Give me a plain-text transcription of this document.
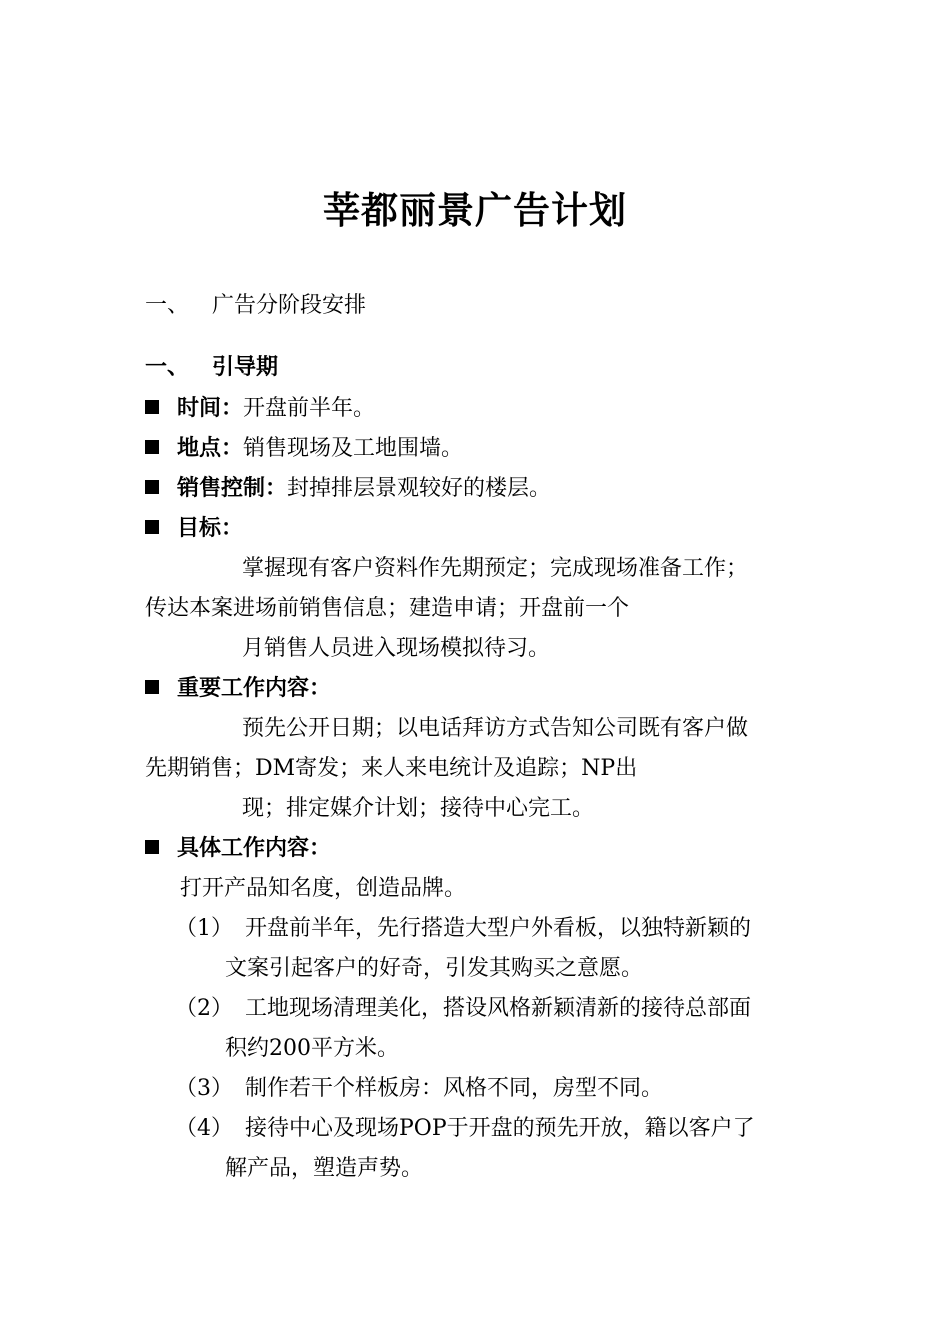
莘都丽景广告计划
一、 广告分阶段安排
一、 引导期
时间：开盘前半年。
地点：销售现场及工地围墙。
销售控制：封掉排层景观较好的楼层。
目标：
掌握现有客户资料作先期预定；完成现场准备工作；
传达本案进场前销售信息；建造申请；开盘前一个
月销售人员进入现场模拟待习。
重要工作内容：
预先公开日期；以电话拜访方式告知公司既有客户做
先期销售；DM寄发；来人来电统计及追踪；NP出
现；排定媒介计划；接待中心完工。
具体工作内容：
打开产品知名度，创造品牌。
（1） 开盘前半年，先行搭造大型户外看板，以独特新颖的
文案引起客户的好奇，引发其购买之意愿。
（2） 工地现场清理美化，搭设风格新颖清新的接待总部面
积约200平方米。
（3） 制作若干个样板房：风格不同，房型不同。
（4） 接待中心及现场POP于开盘的预先开放，籍以客户了
解产品，塑造声势。
